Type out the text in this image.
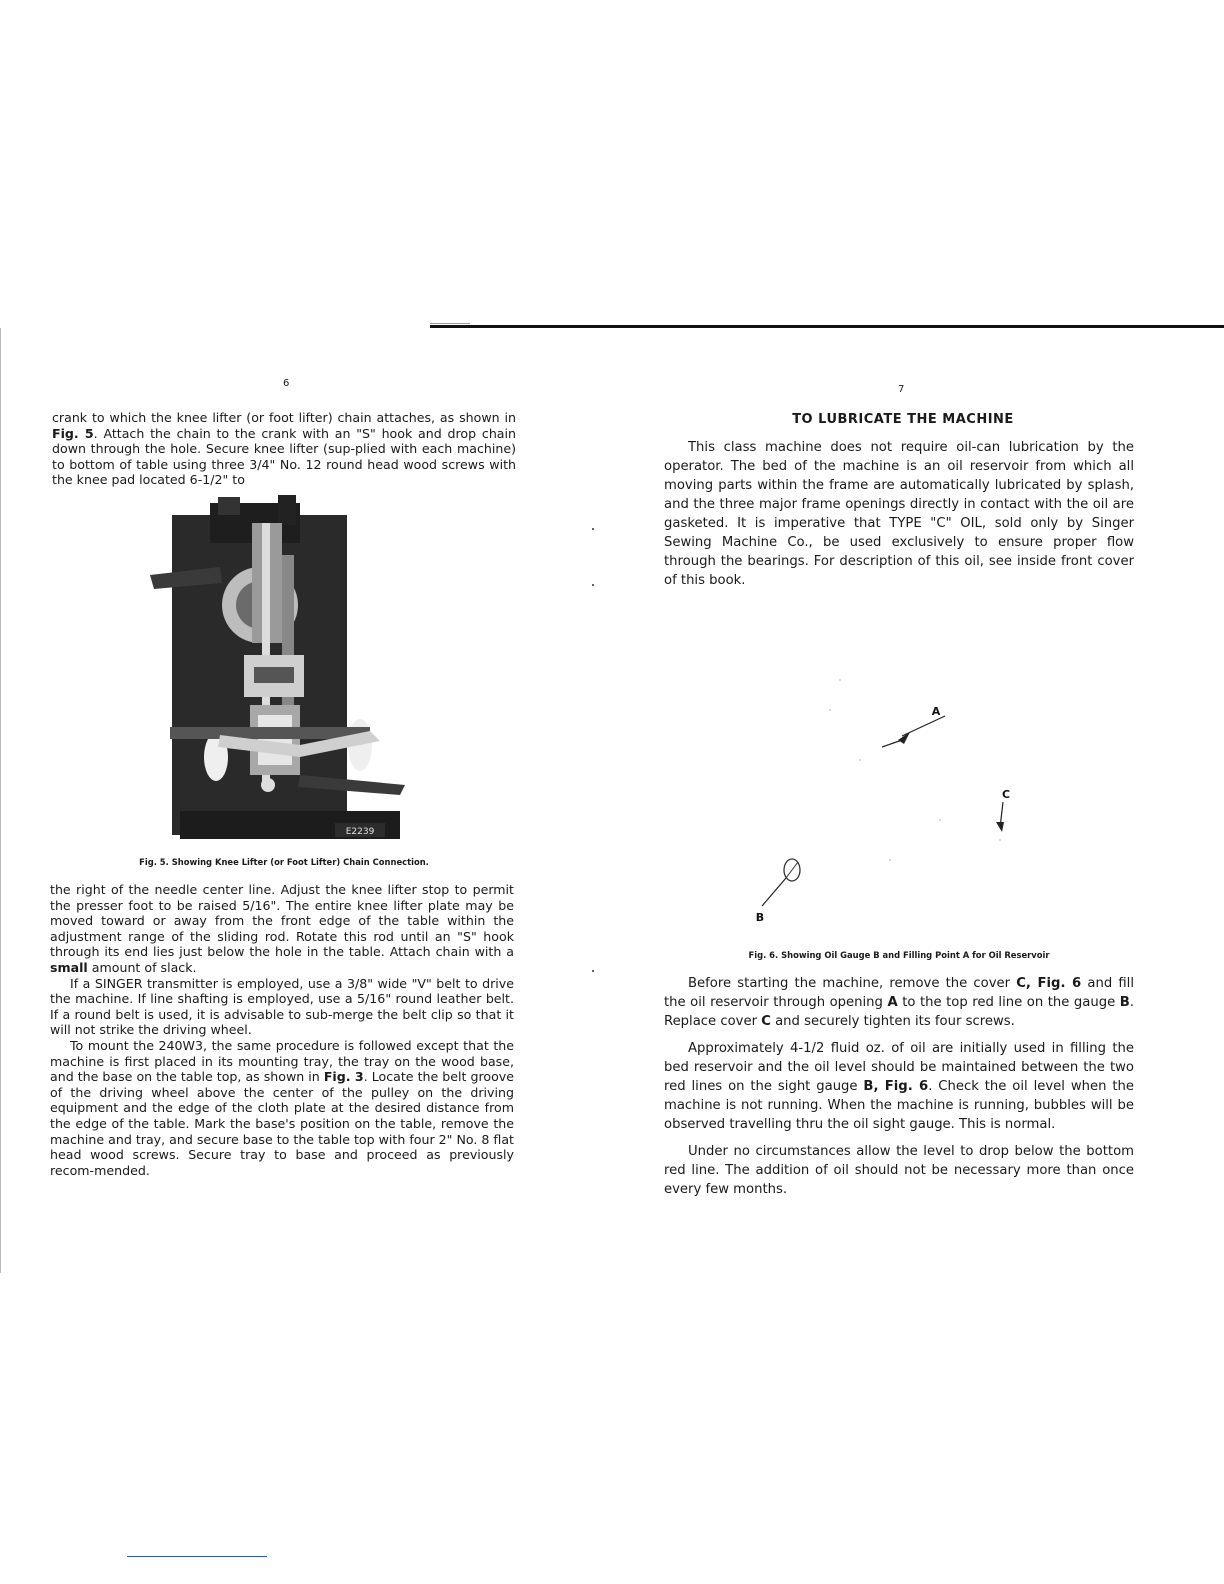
6

crank to which the knee lifter (or foot lifter) chain attaches, as shown in Fig. 5. Attach the chain to the crank with an "S" hook and drop chain down through the hole. Secure knee lifter (sup-plied with each machine) to bottom of table using three 3/4" No. 12 round head wood screws with the knee pad located 6-1/2" to

E2239
Fig. 5. Showing Knee Lifter (or Foot Lifter) Chain Connection.

the right of the needle center line. Adjust the knee lifter stop to permit the presser foot to be raised 5/16". The entire knee lifter plate may be moved toward or away from the front edge of the table within the adjustment range of the sliding rod. Rotate this rod until an "S" hook through its end lies just below the hole in the table. Attach chain with a small amount of slack.

If a SINGER transmitter is employed, use a 3/8" wide "V" belt to drive the machine. If line shafting is employed, use a 5/16" round leather belt. If a round belt is used, it is advisable to sub-merge the belt clip so that it will not strike the driving wheel.

To mount the 240W3, the same procedure is followed except that the machine is first placed in its mounting tray, the tray on the wood base, and the base on the table top, as shown in Fig. 3. Locate the belt groove of the driving wheel above the center of the pulley on the driving equipment and the edge of the cloth plate at the desired distance from the edge of the table. Mark the base's position on the table, remove the machine and tray, and secure base to the table top with four 2" No. 8 flat head wood screws. Secure tray to base and proceed as previously recom-mended.

7
TO LUBRICATE THE MACHINE

This class machine does not require oil-can lubrication by the operator. The bed of the machine is an oil reservoir from which all moving parts within the frame are automatically lubricated by splash, and the three major frame openings directly in contact with the oil are gasketed. It is imperative that TYPE "C" OIL, sold only by Singer Sewing Machine Co., be used exclusively to ensure proper flow through the bearings. For description of this oil, see inside front cover of this book.

A
C
B
Fig. 6. Showing Oil Gauge B and Filling Point A for Oil Reservoir

Before starting the machine, remove the cover C, Fig. 6 and fill the oil reservoir through opening A to the top red line on the gauge B. Replace cover C and securely tighten its four screws.

Approximately 4-1/2 fluid oz. of oil are initially used in filling the bed reservoir and the oil level should be maintained between the two red lines on the sight gauge B, Fig. 6. Check the oil level when the machine is not running. When the machine is running, bubbles will be observed travelling thru the oil sight gauge. This is normal.

Under no circumstances allow the level to drop below the bottom red line. The addition of oil should not be necessary more than once every few months.
